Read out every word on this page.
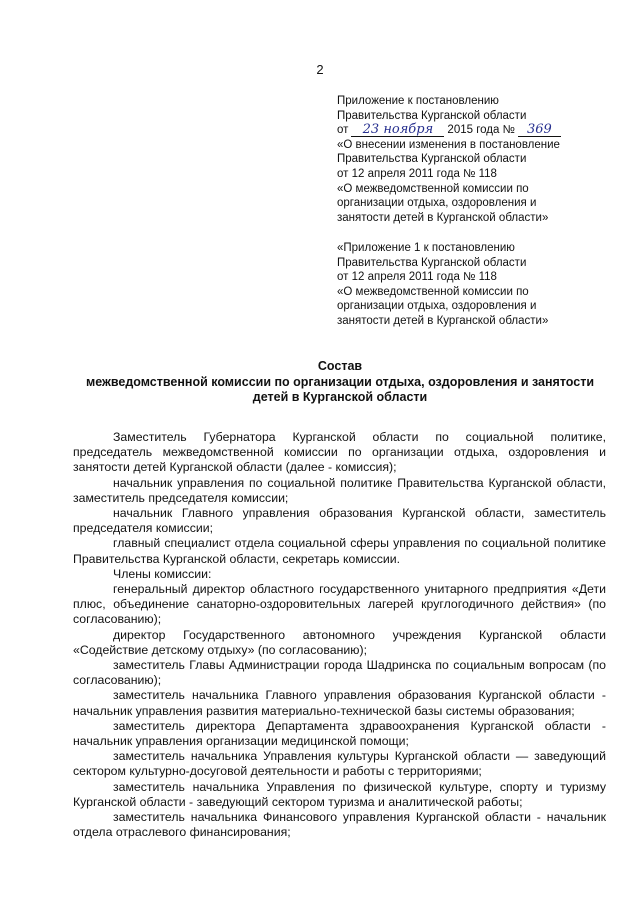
2
Приложение к постановлению
Правительства Курганской области
от 23 ноября 2015 года № 369
«О внесении изменения в постановление
Правительства Курганской области
от 12 апреля 2011 года № 118
«О межведомственной комиссии по
организации отдыха, оздоровления и
занятости детей в Курганской области»
«Приложение 1 к постановлению
Правительства Курганской области
от 12 апреля 2011 года № 118
«О межведомственной комиссии по
организации отдыха, оздоровления и
занятости детей в Курганской области»
Состав
межведомственной комиссии по организации отдыха, оздоровления и занятости
детей в Курганской области

Заместитель Губернатора Курганской области по социальной политике, председатель межведомственной комиссии по организации отдыха, оздоровления и занятости детей Курганской области (далее - комиссия);

начальник управления по социальной политике Правительства Курганской области, заместитель председателя комиссии;

начальник Главного управления образования Курганской области, заместитель председателя комиссии;

главный специалист отдела социальной сферы управления по социальной политике Правительства Курганской области, секретарь комиссии.

Члены комиссии:

генеральный директор областного государственного унитарного предприятия «Дети плюс, объединение санаторно-оздоровительных лагерей круглогодичного действия» (по согласованию);

директор Государственного автономного учреждения Курганской области «Содействие детскому отдыху» (по согласованию);

заместитель Главы Администрации города Шадринска по социальным вопросам (по согласованию);

заместитель начальника Главного управления образования Курганской области - начальник управления развития материально-технической базы системы образования;

заместитель директора Департамента здравоохранения Курганской области - начальник управления организации медицинской помощи;

заместитель начальника Управления культуры Курганской области — заведующий сектором культурно-досуговой деятельности и работы с территориями;

заместитель начальника Управления по физической культуре, спорту и туризму Курганской области - заведующий сектором туризма и аналитической работы;

заместитель начальника Финансового управления Курганской области - начальник отдела отраслевого финансирования;
